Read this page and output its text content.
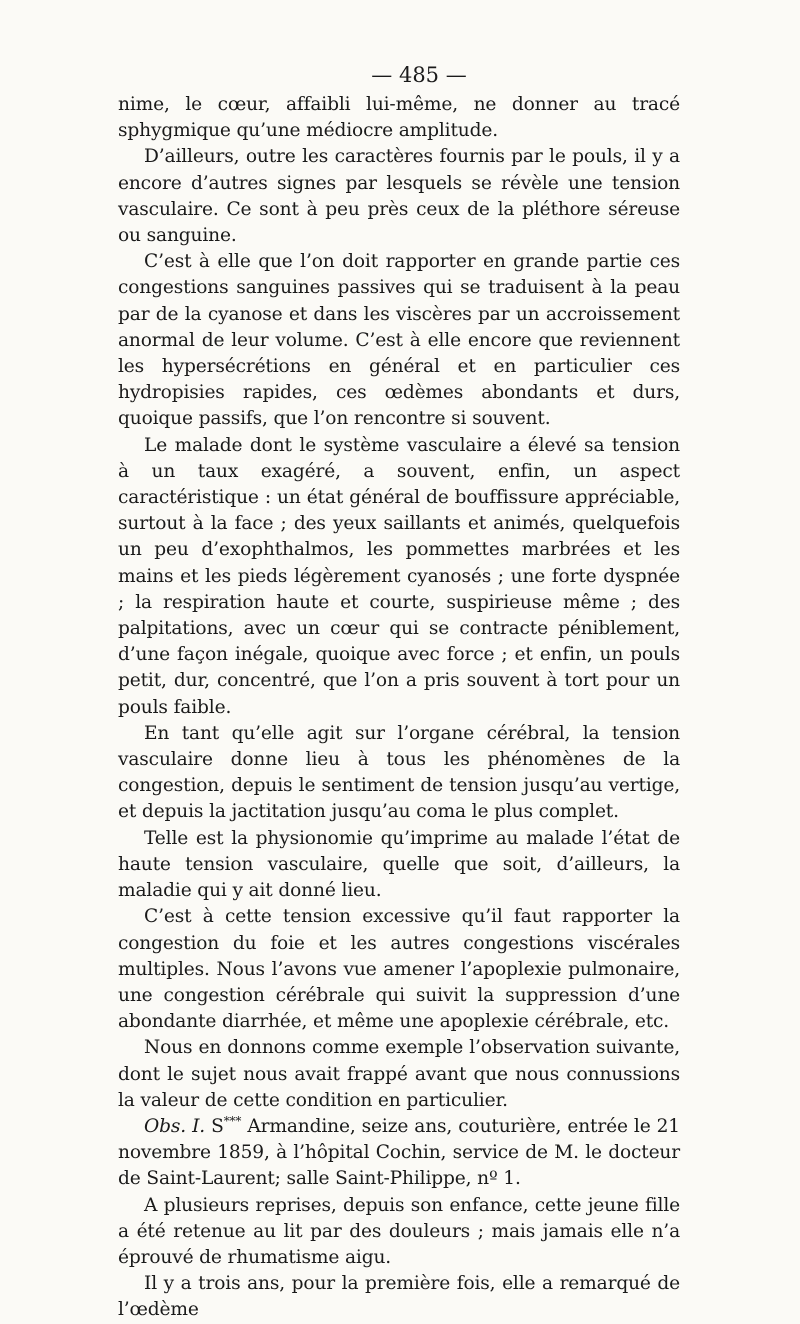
— 485 —

nime, le cœur, affaibli lui-même, ne donner au tracé sphygmique qu’une médiocre amplitude.

D’ailleurs, outre les caractères fournis par le pouls, il y a encore d’autres signes par lesquels se révèle une tension vasculaire. Ce sont à peu près ceux de la pléthore séreuse ou sanguine.

C’est à elle que l’on doit rapporter en grande partie ces congestions sanguines passives qui se traduisent à la peau par de la cyanose et dans les viscères par un accroissement anormal de leur volume. C’est à elle encore que reviennent les hypersécrétions en général et en particulier ces hydropisies rapides, ces œdèmes abondants et durs, quoique passifs, que l’on rencontre si souvent.

Le malade dont le système vasculaire a élevé sa tension à un taux exagéré, a souvent, enfin, un aspect caractéristique : un état général de bouffissure appréciable, surtout à la face ; des yeux saillants et animés, quelquefois un peu d’exophthalmos, les pommettes marbrées et les mains et les pieds légèrement cyanosés ; une forte dyspnée ; la respiration haute et courte, suspirieuse même ; des palpitations, avec un cœur qui se contracte péniblement, d’une façon inégale, quoique avec force ; et enfin, un pouls petit, dur, concentré, que l’on a pris souvent à tort pour un pouls faible.

En tant qu’elle agit sur l’organe cérébral, la tension vasculaire donne lieu à tous les phénomènes de la congestion, depuis le sentiment de tension jusqu’au vertige, et depuis la jactitation jusqu’au coma le plus complet.

Telle est la physionomie qu’imprime au malade l’état de haute tension vasculaire, quelle que soit, d’ailleurs, la maladie qui y ait donné lieu.

C’est à cette tension excessive qu’il faut rapporter la congestion du foie et les autres congestions viscérales multiples. Nous l’avons vue amener l’apoplexie pulmonaire, une congestion cérébrale qui suivit la suppression d’une abondante diarrhée, et même une apoplexie cérébrale, etc.

Nous en donnons comme exemple l’observation suivante, dont le sujet nous avait frappé avant que nous connussions la valeur de cette condition en particulier.

Obs. I. S*** Armandine, seize ans, couturière, entrée le 21 novembre 1859, à l’hôpital Cochin, service de M. le docteur de Saint-Laurent; salle Saint-Philippe, nº 1.

A plusieurs reprises, depuis son enfance, cette jeune fille a été retenue au lit par des douleurs ; mais jamais elle n’a éprouvé de rhumatisme aigu.

Il y a trois ans, pour la première fois, elle a remarqué de l’œdème
